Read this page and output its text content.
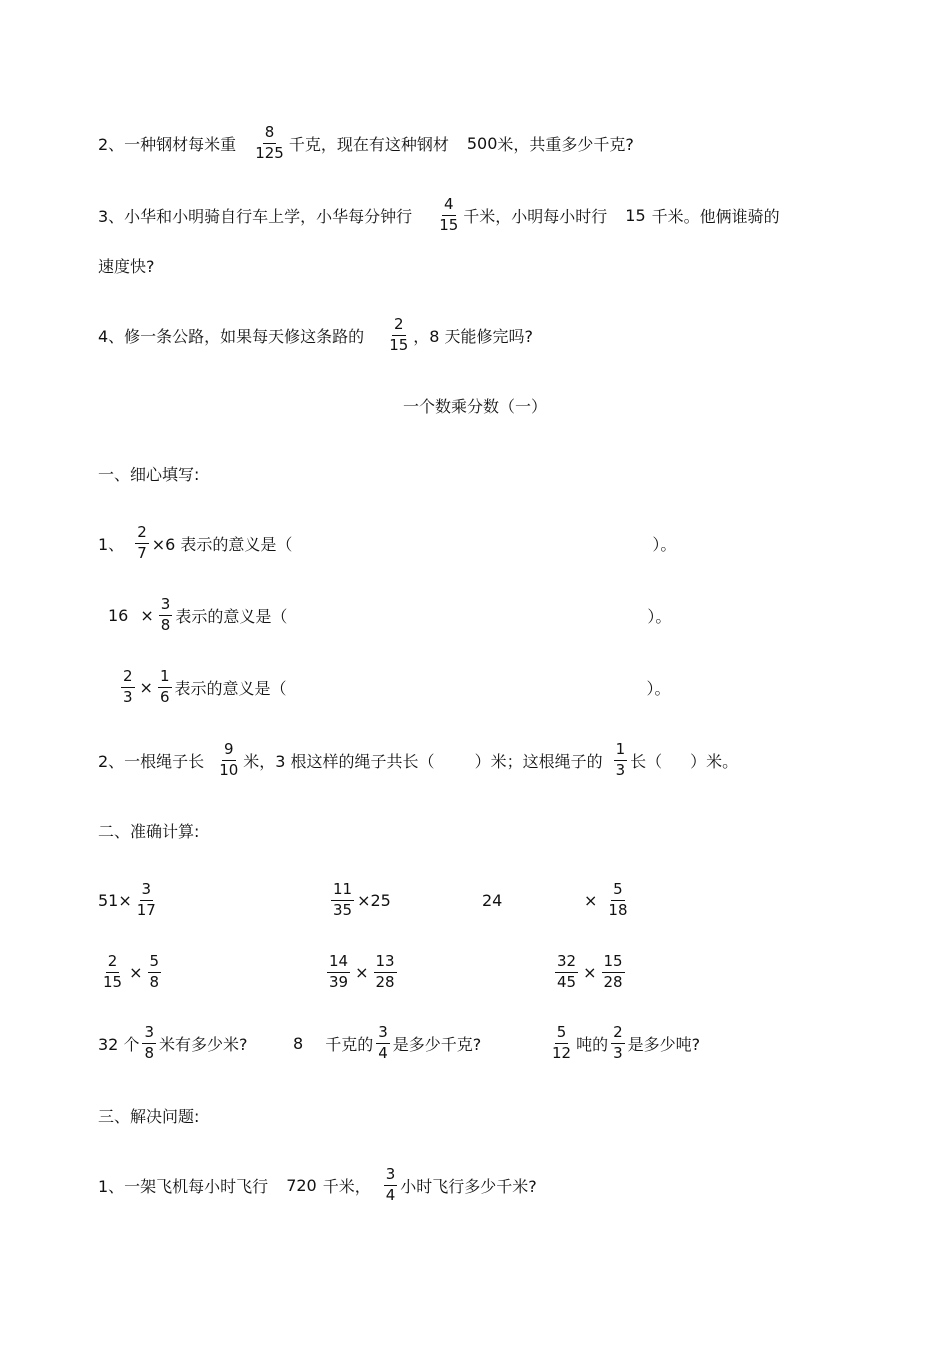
2、一种钢材每米重 $\frac{8}{125}$ 千克，现在有这种钢材 500 米，共重多少千克?
3、小华和小明骑自行车上学，小华每分钟行 $\frac{4}{15}$ 千米，小明每小时行 15 千米。他俩谁骑的
速度快?
4、修一条公路，如果每天修这条路的 $\frac{2}{15}$ ，8 天能修完吗?
一个数乘分数（一）
一、细心填写:
1、 $\frac{2}{7} \times 6$ 表示的意义是（	）。
$16 \times \frac{3}{8}$ 表示的意义是（	）。
$\frac{2}{3} \times \frac{1}{6}$ 表示的意义是（	）。
2、一根绳子长 $\frac{9}{10}$ 米，3 根这样的绳子共长（	）米；这根绳子的 $\frac{1}{3}$ 长（ ）米。
二、准确计算:
$51\times \frac{3}{17}$	$\frac{11}{35} \times 25$	24	× $\frac{5}{18}$
$\frac{2}{15} \times \frac{5}{8}$	$\frac{14}{39} \times \frac{13}{28}$	$\frac{32}{45} \times \frac{15}{28}$
32 个 $\frac{3}{8}$ 米有多少米?	8 千克的 $\frac{3}{4}$ 是多少千克?	$\frac{5}{12}$ 吨的 $\frac{2}{3}$ 是多少吨?
三、解决问题:
1、一架飞机每小时飞行 720 千米， $\frac{3}{4}$ 小时飞行多少千米?
